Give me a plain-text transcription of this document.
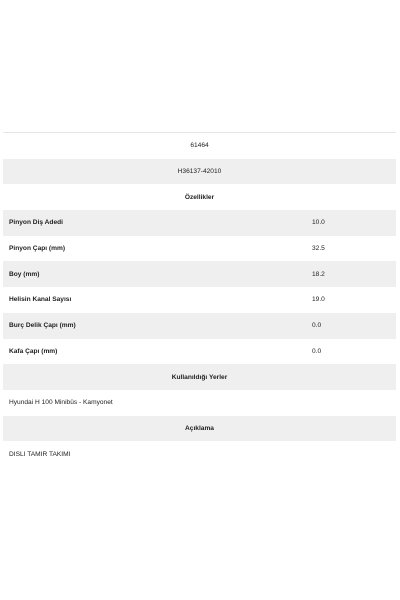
61464
H36137-42010
Özellikler
Pinyon Diş Adedi	10.0
Pinyon Çapı (mm)	32.5
Boy (mm)	18.2
Helisin Kanal Sayısı	19.0
Burç Delik Çapı (mm)	0.0
Kafa Çapı (mm)	0.0
Kullanıldığı Yerler
Hyundai H 100 Minibüs - Kamyonet
Açıklama
DISLI TAMIR TAKIMI
